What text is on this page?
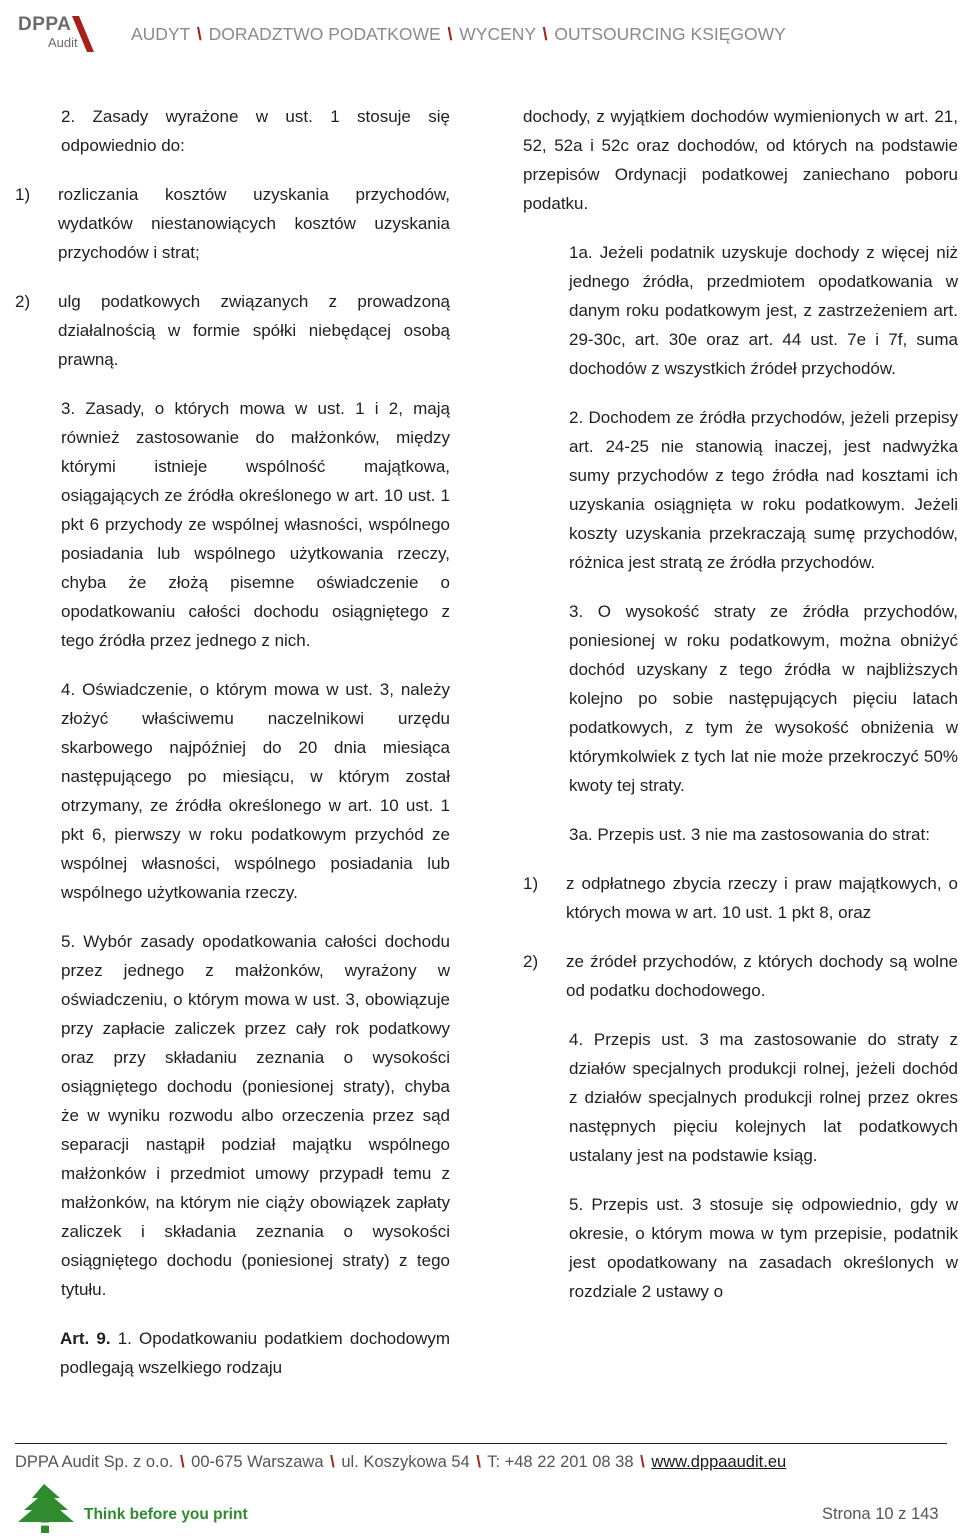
DPPA
Audit	AUDYT \ DORADZTWO PODATKOWE \ WYCENY \ OUTSOURCING KSIĘGOWY

2. Zasady wyrażone w ust. 1 stosuje się odpowiednio do:

1)	rozliczania kosztów uzyskania przychodów, wydatków niestanowiących kosztów uzyskania przychodów i strat;
2)	ulg podatkowych związanych z prowadzoną działalnością w formie spółki niebędącej osobą prawną.

3. Zasady, o których mowa w ust. 1 i 2, mają również zastosowanie do małżonków, między którymi istnieje wspólność majątkowa, osiągających ze źródła określonego w art. 10 ust. 1 pkt 6 przychody ze wspólnej własności, wspólnego posiadania lub wspólnego użytkowania rzeczy, chyba że złożą pisemne oświadczenie o opodatkowaniu całości dochodu osiągniętego z tego źródła przez jednego z nich.

4. Oświadczenie, o którym mowa w ust. 3, należy złożyć właściwemu naczelnikowi urzędu skarbowego najpóźniej do 20 dnia miesiąca następującego po miesiącu, w którym został otrzymany, ze źródła określonego w art. 10 ust. 1 pkt 6, pierwszy w roku podatkowym przychód ze wspólnej własności, wspólnego posiadania lub wspólnego użytkowania rzeczy.

5. Wybór zasady opodatkowania całości dochodu przez jednego z małżonków, wyrażony w oświadczeniu, o którym mowa w ust. 3, obowiązuje przy zapłacie zaliczek przez cały rok podatkowy oraz przy składaniu zeznania o wysokości osiągniętego dochodu (poniesionej straty), chyba że w wyniku rozwodu albo orzeczenia przez sąd separacji nastąpił podział majątku wspólnego małżonków i przedmiot umowy przypadł temu z małżonków, na którym nie ciąży obowiązek zapłaty zaliczek i składania zeznania o wysokości osiągniętego dochodu (poniesionej straty) z tego tytułu.

Art. 9. 1. Opodatkowaniu podatkiem dochodowym podlegają wszelkiego rodzaju

dochody, z wyjątkiem dochodów wymienionych w art. 21, 52, 52a i 52c oraz dochodów, od których na podstawie przepisów Ordynacji podatkowej zaniechano poboru podatku.

1a. Jeżeli podatnik uzyskuje dochody z więcej niż jednego źródła, przedmiotem opodatkowania w danym roku podatkowym jest, z zastrzeżeniem art. 29-30c, art. 30e oraz art. 44 ust. 7e i 7f, suma dochodów z wszystkich źródeł przychodów.

2. Dochodem ze źródła przychodów, jeżeli przepisy art. 24-25 nie stanowią inaczej, jest nadwyżka sumy przychodów z tego źródła nad kosztami ich uzyskania osiągnięta w roku podatkowym. Jeżeli koszty uzyskania przekraczają sumę przychodów, różnica jest stratą ze źródła przychodów.

3. O wysokość straty ze źródła przychodów, poniesionej w roku podatkowym, można obniżyć dochód uzyskany z tego źródła w najbliższych kolejno po sobie następujących pięciu latach podatkowych, z tym że wysokość obniżenia w którymkolwiek z tych lat nie może przekroczyć 50% kwoty tej straty.

3a. Przepis ust. 3 nie ma zastosowania do strat:

1)	z odpłatnego zbycia rzeczy i praw majątkowych, o których mowa w art. 10 ust. 1 pkt 8, oraz
2)	ze źródeł przychodów, z których dochody są wolne od podatku dochodowego.

4. Przepis ust. 3 ma zastosowanie do straty z działów specjalnych produkcji rolnej, jeżeli dochód z działów specjalnych produkcji rolnej przez okres następnych pięciu kolejnych lat podatkowych ustalany jest na podstawie ksiąg.

5. Przepis ust. 3 stosuje się odpowiednio, gdy w okresie, o którym mowa w tym przepisie, podatnik jest opodatkowany na zasadach określonych w rozdziale 2 ustawy o

DPPA Audit Sp. z o.o. \ 00-675 Warszawa \ ul. Koszykowa 54 \ T: +48 22 201 08 38 \ www.dppaaudit.eu
Think before you print	Strona 10 z 143
